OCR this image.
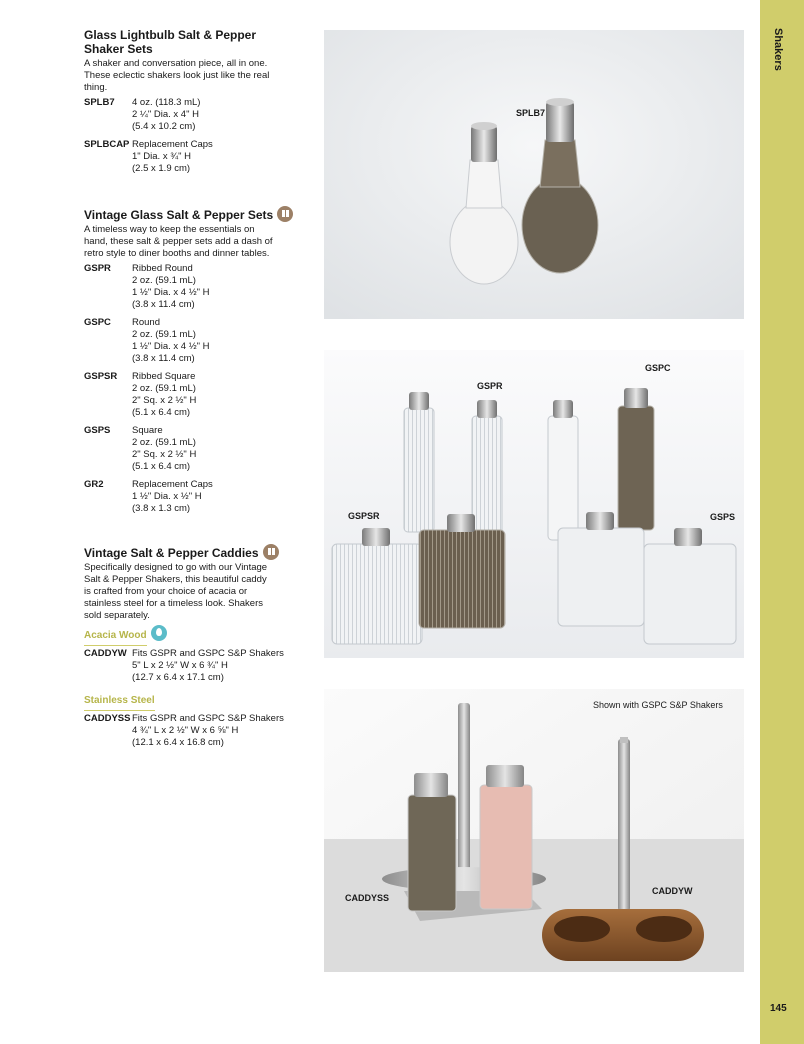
Shakers
145
Glass Lightbulb Salt & Pepper
Shaker Sets
A shaker and conversation piece, all in one.
These eclectic shakers look just like the real
thing.
SPLB7	4 oz. (118.3 mL)
2 ¼" Dia. x 4" H
(5.4 x 10.2 cm)
SPLBCAP Replacement Caps
1" Dia. x ¾" H
(2.5 x 1.9 cm)
Vintage Glass Salt & Pepper Sets
A timeless way to keep the essentials on
hand, these salt & pepper sets add a dash of
retro style to diner booths and dinner tables.
GSPR	Ribbed Round
2 oz. (59.1 mL)
1 ½" Dia. x 4 ½" H
(3.8 x 11.4 cm)
GSPC	Round
2 oz. (59.1 mL)
1 ½" Dia. x 4 ½" H
(3.8 x 11.4 cm)
GSPSR	Ribbed Square
2 oz. (59.1 mL)
2" Sq. x 2 ½" H
(5.1 x 6.4 cm)
GSPS	Square
2 oz. (59.1 mL)
2" Sq. x 2 ½" H
(5.1 x 6.4 cm)
GR2	Replacement Caps
1 ½" Dia. x ½" H
(3.8 x 1.3 cm)
Vintage Salt & Pepper Caddies
Specifically designed to go with our Vintage
Salt & Pepper Shakers, this beautiful caddy
is crafted from your choice of acacia or
stainless steel for a timeless look. Shakers
sold separately.
Acacia Wood
CADDYW Fits GSPR and GSPC S&P Shakers
5" L x 2 ½" W x 6 ¾" H
(12.7 x 6.4 x 17.1 cm)
Stainless Steel
CADDYSS Fits GSPR and GSPC S&P Shakers
4 ¾" L x 2 ½" W x 6 ⅝" H
(12.1 x 6.4 x 16.8 cm)
SPLB7
GSPR
GSPC
GSPSR	GSPS
Shown with GSPC S&P Shakers
CADDYSS
CADDYW
